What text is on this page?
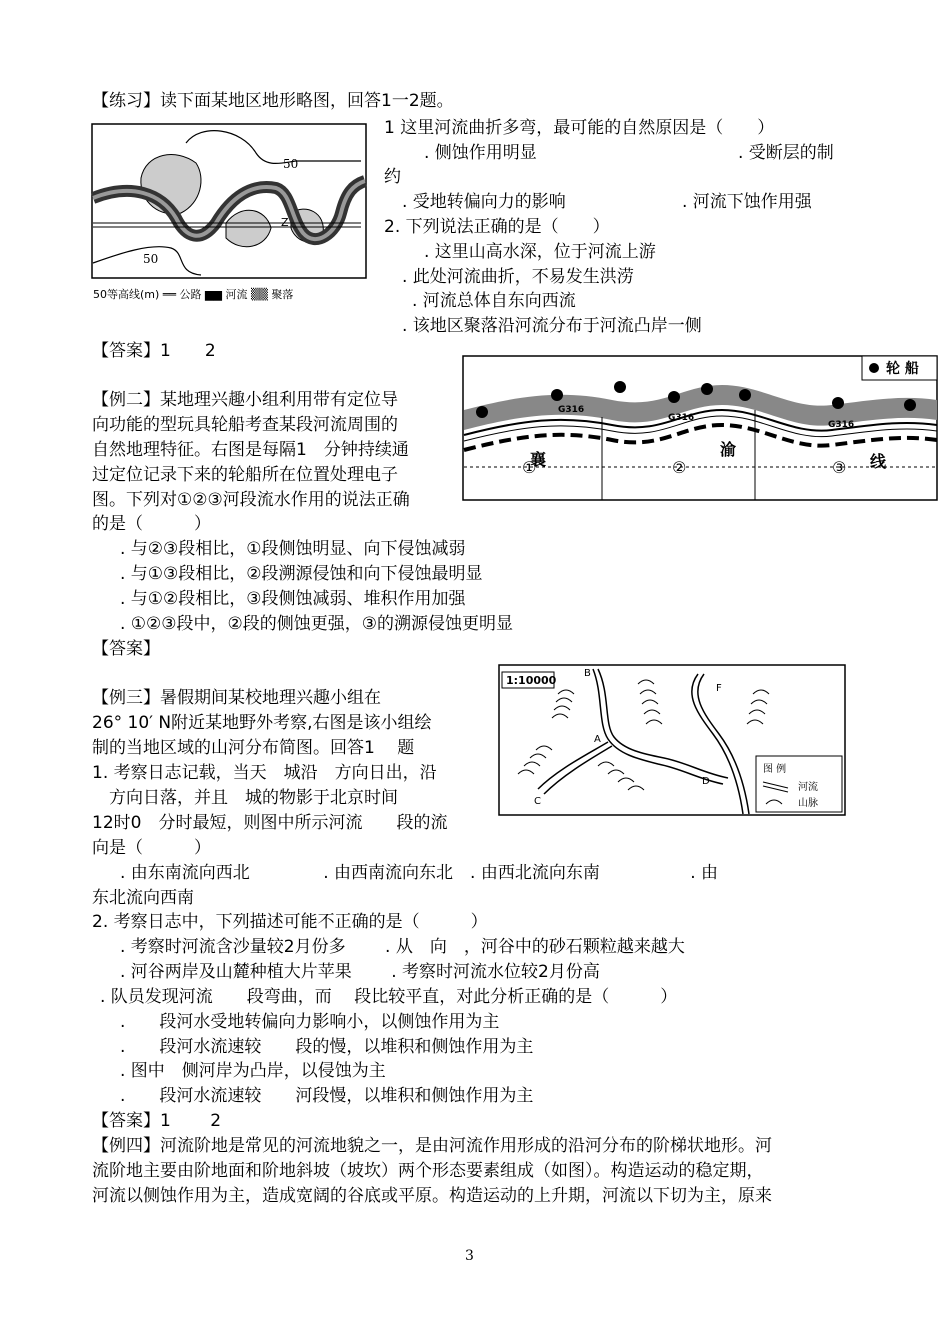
【练习】读下面某地区地形略图，回答1一2题。
50
50
Z
50等高线(m) ══ 公路 ▆▆ 河流 ▒▒ 聚落
1 这里河流曲折多弯，最可能的自然原因是（　　）
. 侧蚀作用明显	. 受断层的制
约
. 受地转偏向力的影响	. 河流下蚀作用强
2. 下列说法正确的是（　　）
. 这里山高水深，位于河流上游
. 此处河流曲折，不易发生洪涝
. 河流总体自东向西流
. 该地区聚落沿河流分布于河流凸岸一侧
【答案】1　　2
【例二】某地理兴趣小组利用带有定位导
向功能的型玩具轮船考查某段河流周围的
自然地理特征。右图是每隔1　分钟持续通
过定位记录下来的轮船所在位置处理电子
图。下列对①②③河段流水作用的说法正确
的是（　　　）
轮 船
G316
G316
G316
襄
渝
线
①	②	③
. 与②③段相比，①段侧蚀明显、向下侵蚀减弱
. 与①③段相比，②段溯源侵蚀和向下侵蚀最明显
. 与①②段相比，③段侧蚀减弱、堆积作用加强
. ①②③段中，②段的侧蚀更强，③的溯源侵蚀更明显
【答案】
【例三】暑假期间某校地理兴趣小组在
26° 10′ N附近某地野外考察,右图是该小组绘
制的当地区域的山河分布简图。回答1　 题
1. 考察日志记载，当天　城沿　方向日出，沿
　方向日落，并且　城的物影于北京时间
12时0　分时最短，则图中所示河流　　段的流
向是（　　　）
1:10000
B
F
A
C
D
图 例
河流
山脉
. 由东南流向西北　　　　 . 由西南流向东北　. 由西北流向东南　　　　　 . 由
东北流向西南
2. 考察日志中，下列描述可能不正确的是（　　　）
. 考察时河流含沙量较2月份多　　 . 从　向　，河谷中的砂石颗粒越来越大
. 河谷两岸及山麓种植大片苹果　　 . 考察时河流水位较2月份高
. 队员发现河流　　段弯曲，而　 段比较平直，对此分析正确的是（　　　）
.　　段河水受地转偏向力影响小，以侧蚀作用为主
.　　段河水流速较　　段的慢，以堆积和侧蚀作用为主
. 图中　侧河岸为凸岸，以侵蚀为主
.　　段河水流速较　　河段慢，以堆积和侧蚀作用为主
【答案】1　　 2
【例四】河流阶地是常见的河流地貌之一，是由河流作用形成的沿河分布的阶梯状地形。河
流阶地主要由阶地面和阶地斜坡（坡坎）两个形态要素组成（如图）。构造运动的稳定期，
河流以侧蚀作用为主，造成宽阔的谷底或平原。构造运动的上升期，河流以下切为主，原来
3
